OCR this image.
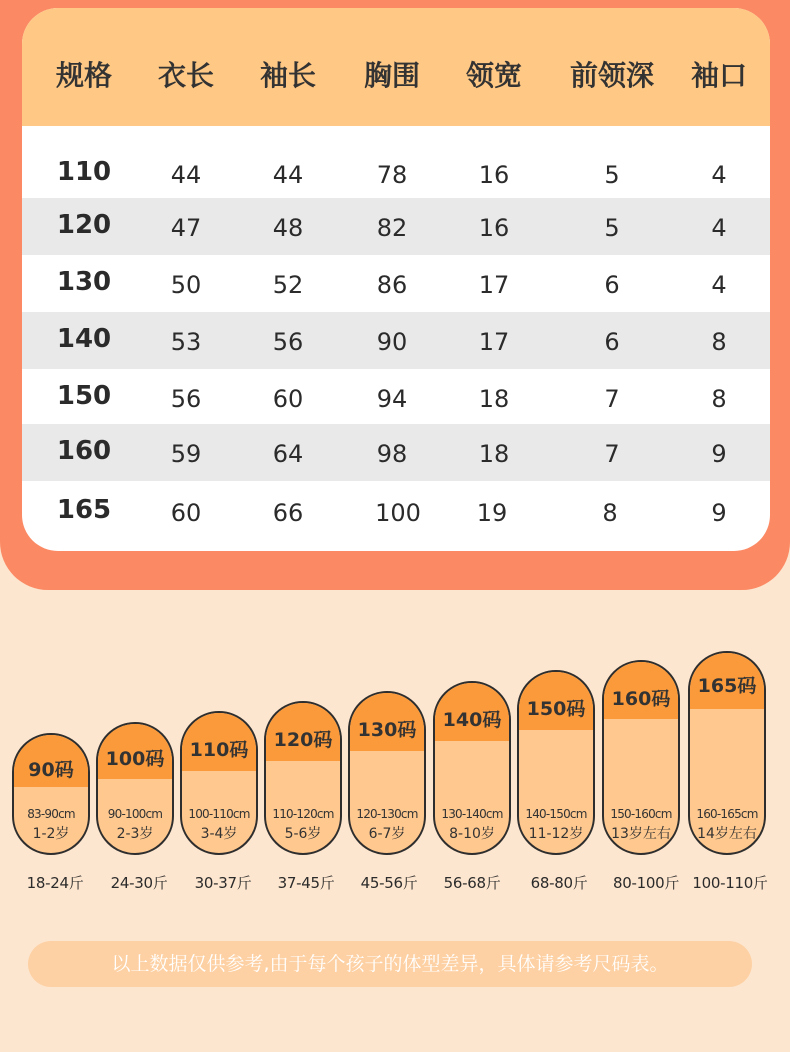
规格 衣长 袖长 胸围 领宽 前领深 袖口
110 44	44	78	16	5	4
120 47	48	82	16	5	4
130 50	52	86	17	6	4
140 53	56	90	17	6	8
150 56	60	94	18	7	8
160 59	64	98	18	7	9
165 60	66	100 19	8	9
90码
83-90cm
1-2岁
100码
90-100cm
2-3岁
110码
100-110cm
3-4岁
120码
110-120cm
5-6岁
130码
120-130cm
6-7岁
140码
130-140cm
8-10岁
150码
140-150cm
11-12岁
160码
150-160cm
13岁左右
165码
160-165cm
14岁左右
18-24斤 24-30斤 30-37斤 37-45斤 45-56斤 56-68斤 68-80斤 80-100斤 100-110斤
以上数据仅供参考,由于每个孩子的体型差异，具体请参考尺码表。
